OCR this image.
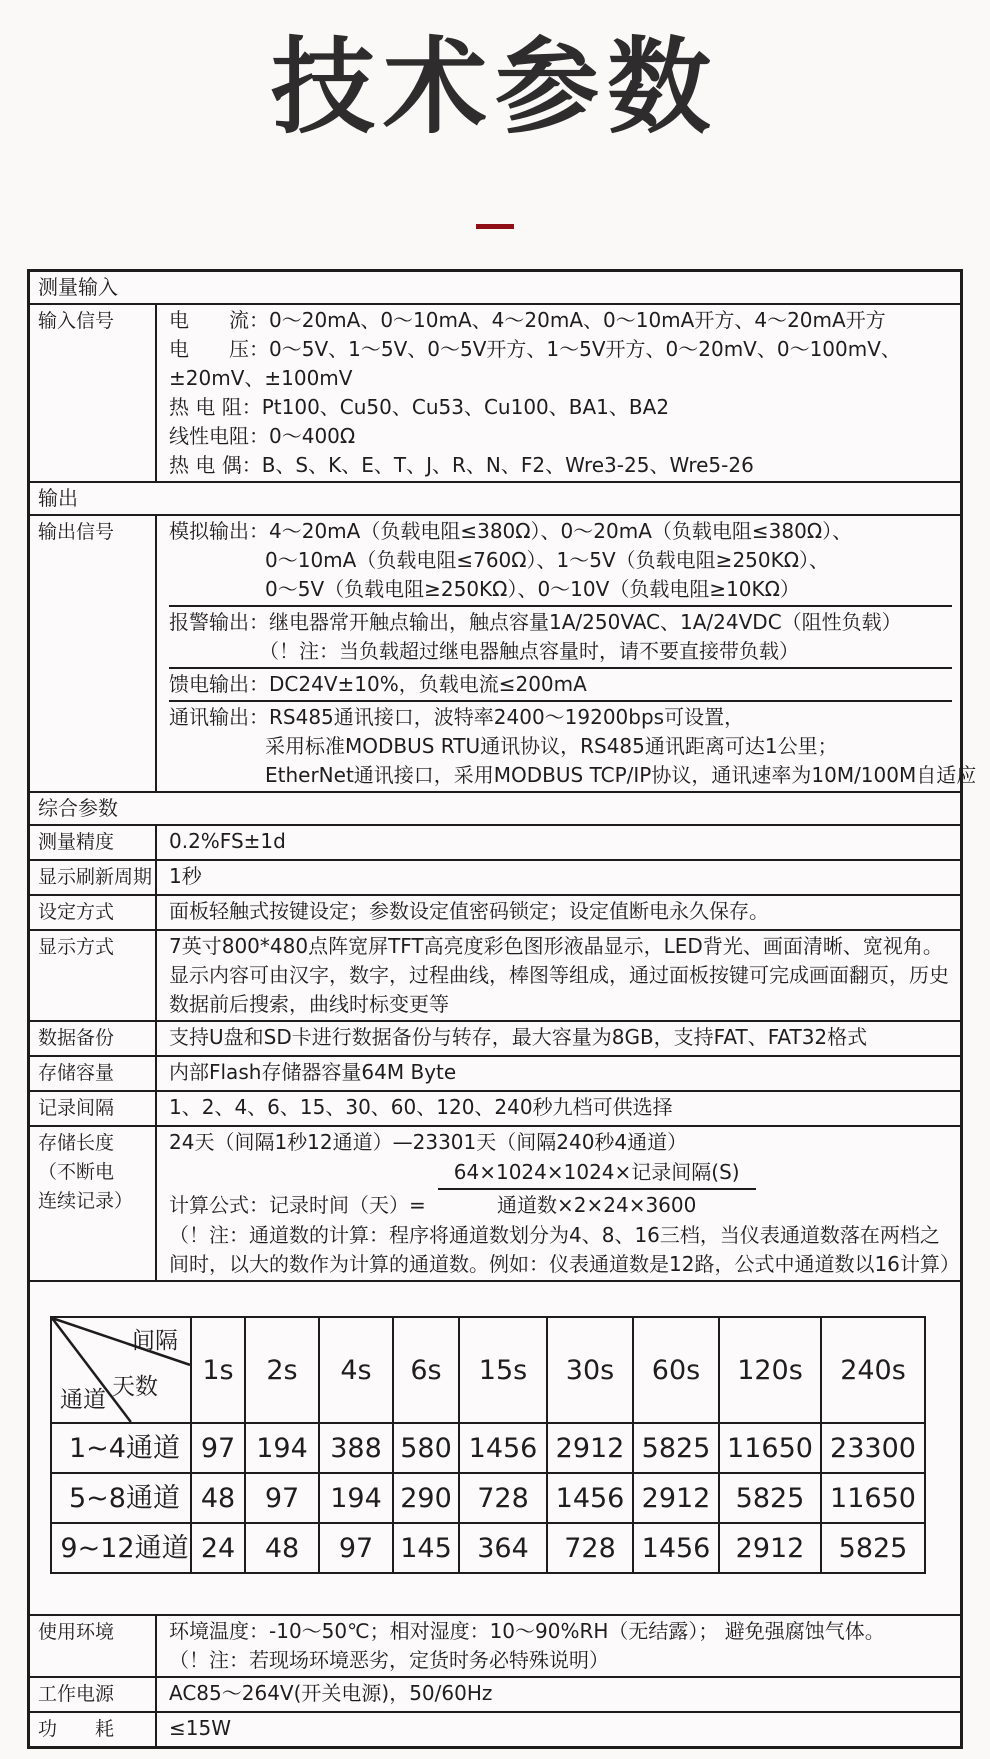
技术参数
测量输入
输入信号	电　　流：0～20mA、0～10mA、4～20mA、0～10mA开方、4～20mA开方
电　　压：0～5V、1～5V、0～5V开方、1～5V开方、0～20mV、0～100mV、
±20mV、±100mV
热 电 阻：Pt100、Cu50、Cu53、Cu100、BA1、BA2
线性电阻：0～400Ω
热 电 偶：B、S、K、E、T、J、R、N、F2、Wre3-25、Wre5-26
输出
输出信号	模拟输出：4～20mA（负载电阻≤380Ω）、0～20mA（负载电阻≤380Ω）、
0～10mA（负载电阻≤760Ω）、1～5V（负载电阻≥250KΩ）、
0～5V（负载电阻≥250KΩ）、0～10V（负载电阻≥10KΩ）
报警输出：继电器常开触点输出，触点容量1A/250VAC、1A/24VDC（阻性负载）
（！注：当负载超过继电器触点容量时，请不要直接带负载）
馈电输出：DC24V±10%，负载电流≤200mA
通讯输出：RS485通讯接口，波特率2400～19200bps可设置，
采用标准MODBUS RTU通讯协议，RS485通讯距离可达1公里；
EtherNet通讯接口，采用MODBUS TCP/IP协议，通讯速率为10M/100M自适应
综合参数
测量精度	0.2%FS±1d
显示刷新周期 1秒
设定方式	面板轻触式按键设定；参数设定值密码锁定；设定值断电永久保存。
显示方式	7英寸800*480点阵宽屏TFT高亮度彩色图形液晶显示，LED背光、画面清晰、宽视角。显示内容可由汉字，数字，过程曲线，棒图等组成，通过面板按键可完成画面翻页，历史数据前后搜索，曲线时标变更等
数据备份	支持U盘和SD卡进行数据备份与转存，最大容量为8GB，支持FAT、FAT32格式
存储容量	内部Flash存储器容量64M Byte
记录间隔	1、2、4、6、15、30、60、120、240秒九档可供选择
存储长度
（不断电
连续记录）
24天（间隔1秒12通道）—23301天（间隔240秒4通道）
计算公式：记录时间（天）= $\frac{\text{64×1024×1024×记录间隔(S)}}{\text{通道数×2×24×3600}}$
（！注：通道数的计算：程序将通道数划分为4、8、16三档，当仪表通道数落在两档之间时，以大的数作为计算的通道数。例如：仪表通道数是12路，公式中通道数以16计算）
间隔
天数
通道	1s	2s	4s	6s	15s	30s	60s	120s	240s
1~4通道	97	194	388	580	1456	2912	5825	11650	23300
5~8通道	48	97	194	290	728	1456	2912	5825	11650
9~12通道	24	48	97	145	364	728	1456	2912	5825
使用环境	环境温度：-10～50℃；相对湿度：10～90%RH（无结露）； 避免强腐蚀气体。
（！注：若现场环境恶劣，定货时务必特殊说明）
工作电源	AC85～264V(开关电源)，50/60Hz
功　　耗	≤15W
